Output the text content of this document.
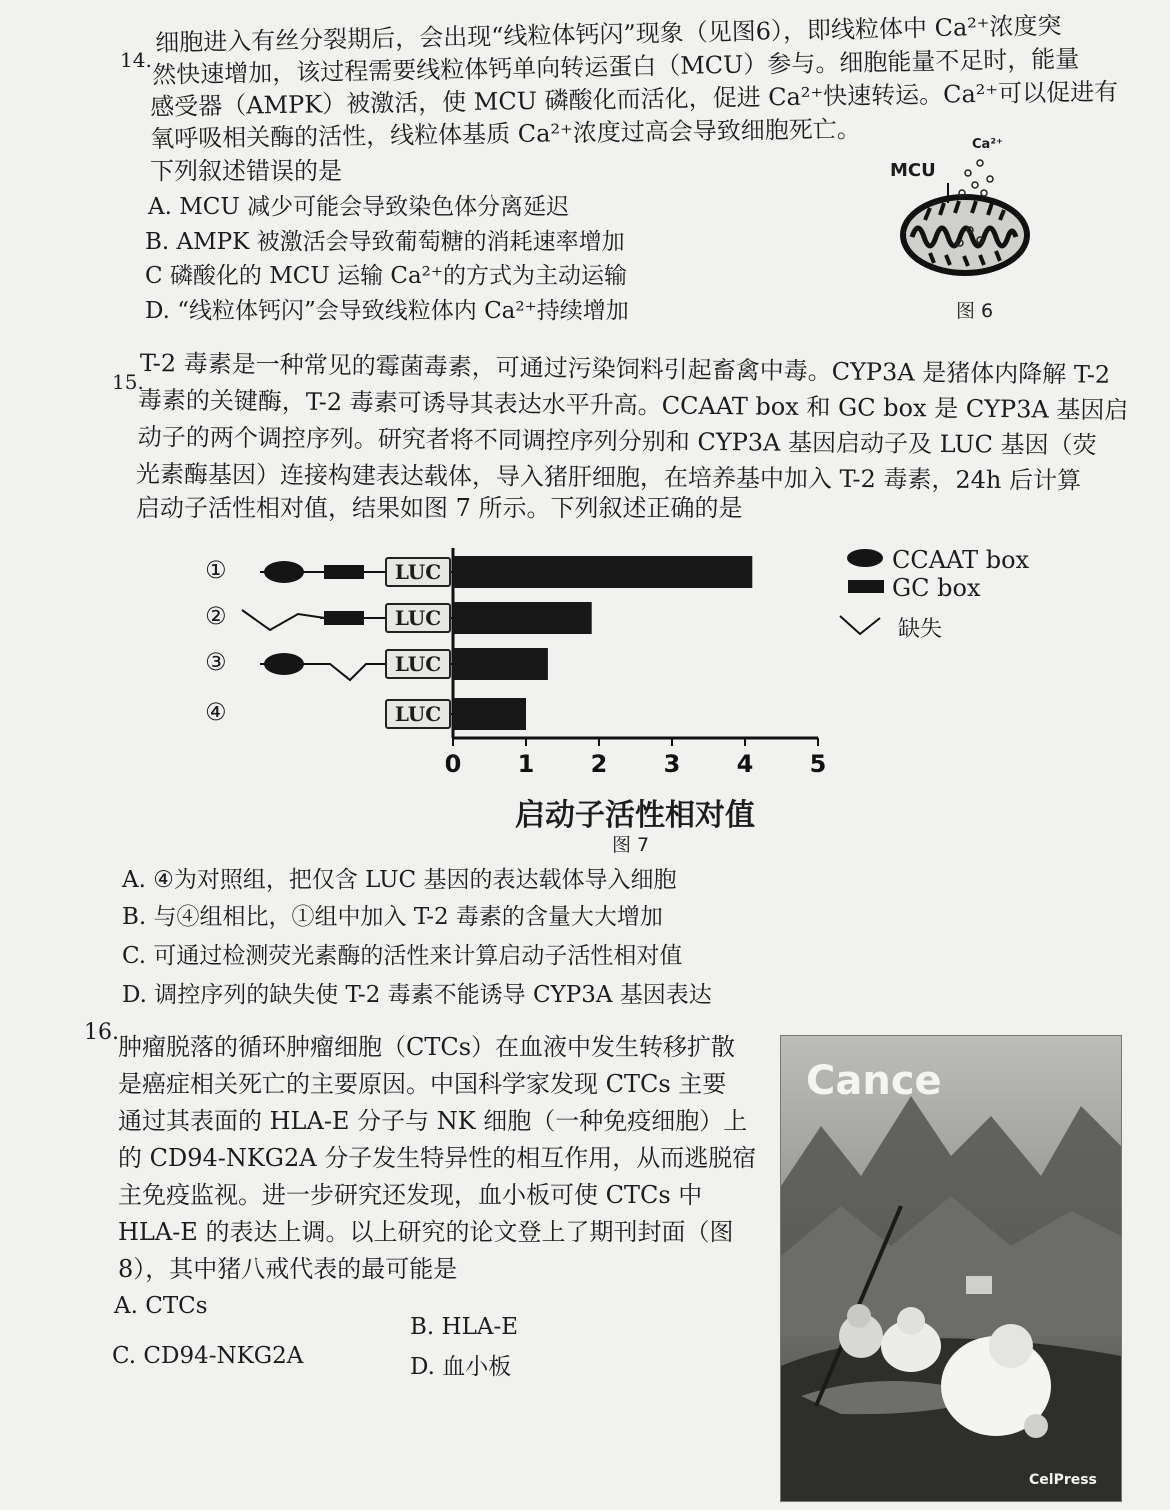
14.
细胞进入有丝分裂期后，会出现“线粒体钙闪”现象（见图6），即线粒体中 Ca²⁺浓度突
然快速增加，该过程需要线粒体钙单向转运蛋白（MCU）参与。细胞能量不足时，能量
感受器（AMPK）被激活，使 MCU 磷酸化而活化，促进 Ca²⁺快速转运。Ca²⁺可以促进有
氧呼吸相关酶的活性，线粒体基质 Ca²⁺浓度过高会导致细胞死亡。
下列叙述错误的是
A. MCU 减少可能会导致染色体分离延迟
B. AMPK 被激活会导致葡萄糖的消耗速率增加
C 磷酸化的 MCU 运输 Ca²⁺的方式为主动运输
D. “线粒体钙闪”会导致线粒体内 Ca²⁺持续增加
MCU
Ca²⁺
图 6
15.
T-2 毒素是一种常见的霉菌毒素，可通过污染饲料引起畜禽中毒。CYP3A 是猪体内降解 T-2
毒素的关键酶，T-2 毒素可诱导其表达水平升高。CCAAT box 和 GC box 是 CYP3A 基因启
动子的两个调控序列。研究者将不同调控序列分别和 CYP3A 基因启动子及 LUC 基因（荧
光素酶基因）连接构建表达载体，导入猪肝细胞，在培养基中加入 T-2 毒素，24h 后计算
启动子活性相对值，结果如图 7 所示。下列叙述正确的是
0 1 2 3 4 5
CCAAT box
GC box
缺失
LUC
①
LUC
②
LUC
③
LUC
④
启动子活性相对值
图 7
A. ④为对照组，把仅含 LUC 基因的表达载体导入细胞
B. 与④组相比，①组中加入 T-2 毒素的含量大大增加
C. 可通过检测荧光素酶的活性来计算启动子活性相对值
D. 调控序列的缺失使 T-2 毒素不能诱导 CYP3A 基因表达
16.
肿瘤脱落的循环肿瘤细胞（CTCs）在血液中发生转移扩散
是癌症相关死亡的主要原因。中国科学家发现 CTCs 主要
通过其表面的 HLA-E 分子与 NK 细胞（一种免疫细胞）上
的 CD94-NKG2A 分子发生特异性的相互作用，从而逃脱宿
主免疫监视。进一步研究还发现，血小板可使 CTCs 中
HLA-E 的表达上调。以上研究的论文登上了期刊封面（图
8），其中猪八戒代表的最可能是
A. CTCs
B. HLA-E
C. CD94-NKG2A	D. 血小板
Cance
CelPress
